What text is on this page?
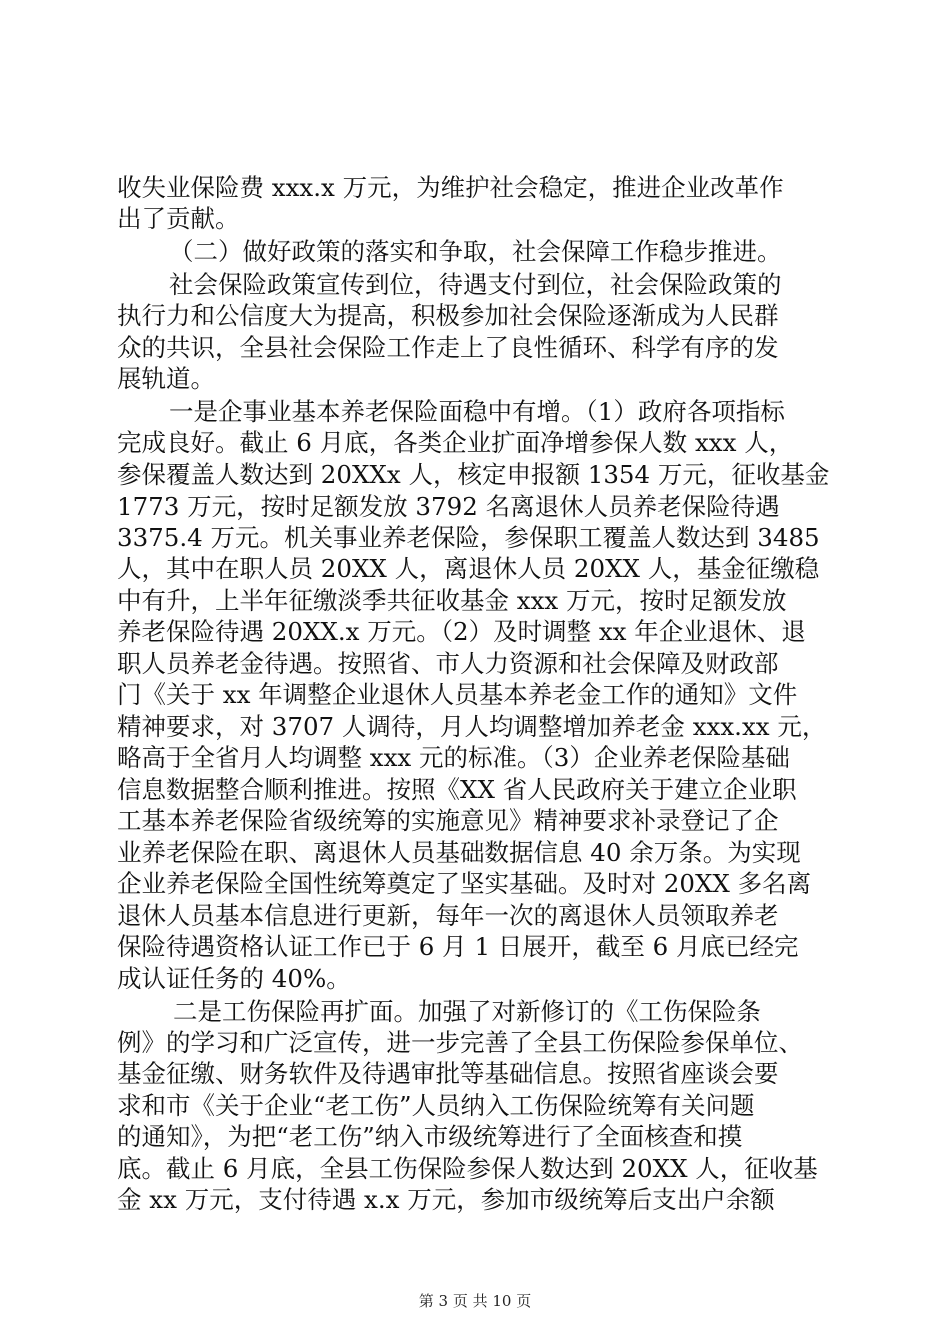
收失业保险费 xxx.x 万元，为维护社会稳定，推进企业改革作
出了贡献。
（二）做好政策的落实和争取，社会保障工作稳步推进。
社会保险政策宣传到位，待遇支付到位，社会保险政策的
执行力和公信度大为提高，积极参加社会保险逐渐成为人民群
众的共识，全县社会保险工作走上了良性循环、科学有序的发
展轨道。
一是企事业基本养老保险面稳中有增。（1）政府各项指标
完成良好。截止 6 月底，各类企业扩面净增参保人数 xxx 人，
参保覆盖人数达到 20XXx 人，核定申报额 1354 万元，征收基金
1773 万元，按时足额发放 3792 名离退休人员养老保险待遇
3375.4 万元。机关事业养老保险，参保职工覆盖人数达到 3485
人，其中在职人员 20XX 人，离退休人员 20XX 人，基金征缴稳
中有升，上半年征缴淡季共征收基金 xxx 万元，按时足额发放
养老保险待遇 20XX.x 万元。（2）及时调整 xx 年企业退休、退
职人员养老金待遇。按照省、市人力资源和社会保障及财政部
门《关于 xx 年调整企业退休人员基本养老金工作的通知》文件
精神要求，对 3707 人调待，月人均调整增加养老金 xxx.xx 元，
略高于全省月人均调整 xxx 元的标准。（3）企业养老保险基础
信息数据整合顺利推进。按照《XX 省人民政府关于建立企业职
工基本养老保险省级统筹的实施意见》精神要求补录登记了企
业养老保险在职、离退休人员基础数据信息 40 余万条。为实现
企业养老保险全国性统筹奠定了坚实基础。及时对 20XX 多名离
退休人员基本信息进行更新，每年一次的离退休人员领取养老
保险待遇资格认证工作已于 6 月 1 日展开，截至 6 月底已经完
成认证任务的 40%。
二是工伤保险再扩面。加强了对新修订的《工伤保险条
例》的学习和广泛宣传，进一步完善了全县工伤保险参保单位、
基金征缴、财务软件及待遇审批等基础信息。按照省座谈会要
求和市《关于企业“老工伤”人员纳入工伤保险统筹有关问题
的通知》，为把“老工伤”纳入市级统筹进行了全面核查和摸
底。截止 6 月底，全县工伤保险参保人数达到 20XX 人，征收基
金 xx 万元，支付待遇 x.x 万元，参加市级统筹后支出户余额
第 3 页 共 10 页
